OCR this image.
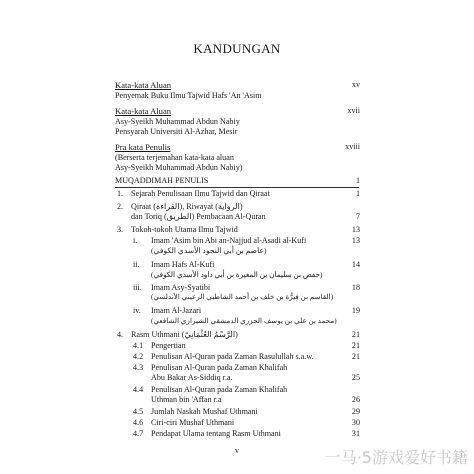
KANDUNGAN
Kata-kata Aluan	xv
Penyemak Buku Ilmu Tajwid Hafs 'An 'Asim
Kata-kata Aluan	xvii
Asy-Syeikh Muhammad Abdun Nabiy
Pensyarah Universiti Al-Azhar, Mesir
Pra kata Penulis	xviii
(Berserta terjemahan kata-kata aluan
Asy-Syeikh Muhammad Abdun Nabiy)
MUQADDIMAH PENULIS	1
1. Sejarah Penulisaan Ilmu Tajwid dan Qiraat	1
2. Qiraat (القراءة), Riwayat (الرواية)
dan Toriq (الطريق) Pembacaan Al-Quran	7
3. Tokoh-tokoh Utama Ilmu Tajwid	13
i. Imam 'Asim bin Abi an-Najjud al-Asadi al-Kufi	13
(عاصم بن أبي النجود الأسدي الكوفي)
ii. Imam Hafs Al-Kufi	14
(حفص بن سليمان بن المغيرة بن أبي داود الأسدي الكوفي)
iii. Imam Asy-Syatibi	18
(القاسم بن فِيرُّة بن خلف بن أحمد الشاطبي الرعيني الأندلسي)
iv. Imam Al-Jazari	19
(محمد بن علي بن يوسف الجزري الدمشقي الشيرازي الشافعي)
4. Rasm Uthmani (الرَّسْمُ العُثْمَانِيّ)	21
4.1 Pengertian	21
4.2 Penulisan Al-Quran pada Zaman Rasulullah s.a.w.	21
4.3 Penulisan Al-Quran pada Zaman Khalifah
Abu Bakar As-Siddiq r.a.	25
4.4 Penulisan Al-Quran pada Zaman Khalifah
Uthman bin 'Affan r.a	26
4.5 Jumlah Naskah Mushaf Uthmani	29
4.6 Ciri-ciri Mushaf Uthmani	30
4.7 Pendapat Ulama tentang Rasm Uthmani	31
v	一马·5游戏爱好书籍
